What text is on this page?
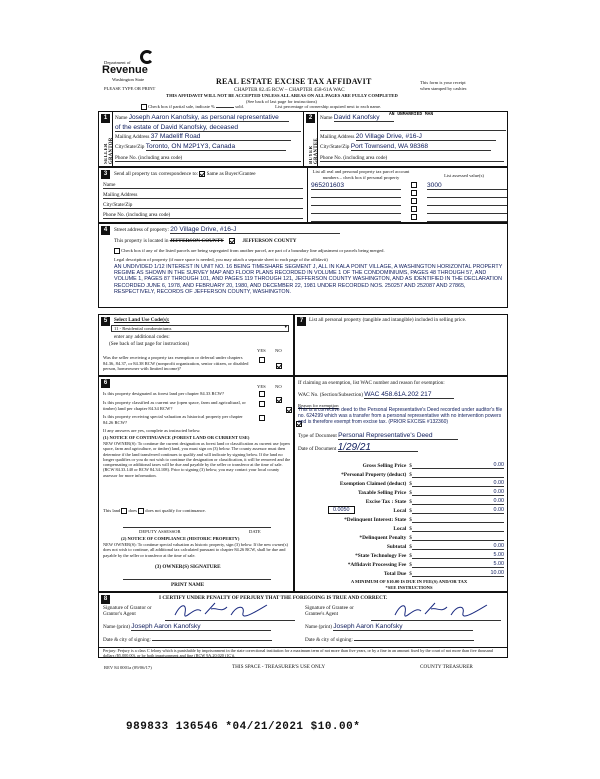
Department of
Revenue
Washington State
PLEASE TYPE OR PRINT
REAL ESTATE EXCISE TAX AFFIDAVIT
CHAPTER 82.45 RCW – CHAPTER 458-61A WAC
THIS AFFIDAVIT WILL NOT BE ACCEPTED UNLESS ALL AREAS ON ALL PAGES ARE FULLY COMPLETED
(See back of last page for instructions)
This form is your receipt
when stamped by cashier.
Check box if partial sale, indicate %	sold.	List percentage of ownership acquired next to each name.
1
SELLER GRANTOR
Name Joseph Aaron Kanofsky, as personal representative
of the estate of David Kanofsky, deceased
Mailing Address 37 Madeliff Road
City/State/Zip Toronto, ON M2P1Y3, Canada
Phone No. (including area code)
2
BUYER GRANTEE
Name David Kanofsky	AN UNMARRIED MAN
Mailing Address 20 Village Drive, #16-J
City/State/Zip Port Townsend, WA 98368
Phone No. (including area code)
3	Send all property tax correspondence to: Same as Buyer/Grantee
Name
Mailing Address
City/State/Zip
Phone No. (including area code)
List all real and personal property tax parcel account numbers – check box if personal property	List assessed value(s)
965201603	3000
4	Street address of property: 20 Village Drive, #16-J
This property is located in JEFFERSON COUNTY	JEFFERSON COUNTY
Check box if any of the listed parcels are being segregated from another parcel, are part of a boundary line adjustment or parcels being merged.
Legal description of property (if more space is needed, you may attach a separate sheet to each page of the affidavit)
AN UNDIVIDED 1/12 INTEREST IN UNIT NO. 16 BEING TIMESHARE SEGMENT J, ALL IN KALA POINT VILLAGE, A WASHINGTON HORIZONTAL PROPERTY REGIME AS SHOWN IN THE SURVEY MAP AND FLOOR PLANS RECORDED IN VOLUME 1 OF THE CONDOMINIUMS, PAGES 48 THROUGH 57, AND VOLUME 1, PAGES 87 THROUGH 101, AND PAGES 119 THROUGH 121, JEFFERSON COUNTY WASHINGTON, AND AS IDENTIFIED IN THE DECLARATION RECORDED JUNE 6, 1978, AND FEBRUARY 20, 1980, AND DECEMBER 22, 1981 UNDER RECORDED NOS. 250257 AND 252087 AND 27865, RESPECTIVELY, RECORDS OF JEFFERSON COUNTY, WASHINGTON.
5	Select Land Use Code(s):
11 - Residential condominiums	▾
enter any additional codes:
(See back of last page for instructions)
YES NO
Was the seller receiving a property tax exemption or deferral under chapters 84.36, 84.37, or 84.38 RCW (nonprofit organization, senior citizen, or disabled person, homeowner with limited income)?
6
YES NO
Is this property designated as forest land per chapter 84.33 RCW?

Is this property classified as current use (open space, farm and agricultural, or timber) land per chapter 84.34 RCW?

Is this property receiving special valuation as historical property per chapter 84.26 RCW?
If any answers are yes, complete as instructed below.
(1) NOTICE OF CONTINUANCE (FOREST LAND OR CURRENT USE)
NEW OWNER(S): To continue the current designation as forest land or classification as current use (open space, farm and agriculture, or timber) land, you must sign on (3) below. The county assessor must then determine if the land transferred continues to qualify and will indicate by signing below. If the land no longer qualifies or you do not wish to continue the designation or classification, it will be removed and the compensating or additional taxes will be due and payable by the seller or transferor at the time of sale. (RCW 84.33.140 or RCW 84.34.108). Prior to signing (3) below, you may contact your local county assessor for more information.
This land does does not qualify for continuance.
DEPUTY ASSESSOR	DATE
(2) NOTICE OF COMPLIANCE (HISTORIC PROPERTY)
NEW OWNER(S): To continue special valuation as historic property, sign (3) below. If the new owner(s) does not wish to continue, all additional tax calculated pursuant to chapter 84.26 RCW, shall be due and payable by the seller or transferor at the time of sale.
(3) OWNER(S) SIGNATURE
PRINT NAME
7	List all personal property (tangible and intangible) included in selling price.
If claiming an exemption, list WAC number and reason for exemption:
WAC No. (Section/Subsection) WAC 458.61A.202 217
Reason for exemption
This is a corrective deed to the Personal Representative's Deed recorded under auditor's file no. 624299 which was a transfer from a personal representative with no intervention powers and is therefore exempt from excise tax. (PRIOR EXCISE #132360)
Type of Document Personal Representative's Deed
Date of Document 1/29/21
Gross Selling Price $	0.00
*Personal Property (deduct) $
Exemption Claimed (deduct) $	0.00
Taxable Selling Price $	0.00
Excise Tax : State $	0.00
0.0050	Local $	0.00
*Delinquent Interest: State $
Local $
*Delinquent Penalty $
Subtotal $	0.00
*State Technology Fee $	5.00
*Affidavit Processing Fee $	5.00
Total Due $	10.00
A MINIMUM OF $10.00 IS DUE IN FEE(S) AND/OR TAX
*SEE INSTRUCTIONS
8	I CERTIFY UNDER PENALTY OF PERJURY THAT THE FOREGOING IS TRUE AND CORRECT.
Signature of Grantor or Grantor's Agent
Name (print) Joseph Aaron Kanofsky
Date & city of signing:
Signature of Grantee or Grantee's Agent
Name (print) Joseph Aaron Kanofsky
Date & city of signing:
Perjury: Perjury is a class C felony which is punishable by imprisonment in the state correctional institution for a maximum term of not more than five years, or by a fine in an amount fixed by the court of not more than five thousand dollars ($5,000.00), or by both imprisonment and fine (RCW 9A.20.020 (1C)).
REV 84 0001a (09/06/17)	THIS SPACE - TREASURER'S USE ONLY	COUNTY TREASURER
989833 136546 *04/21/2021 $10.00*
